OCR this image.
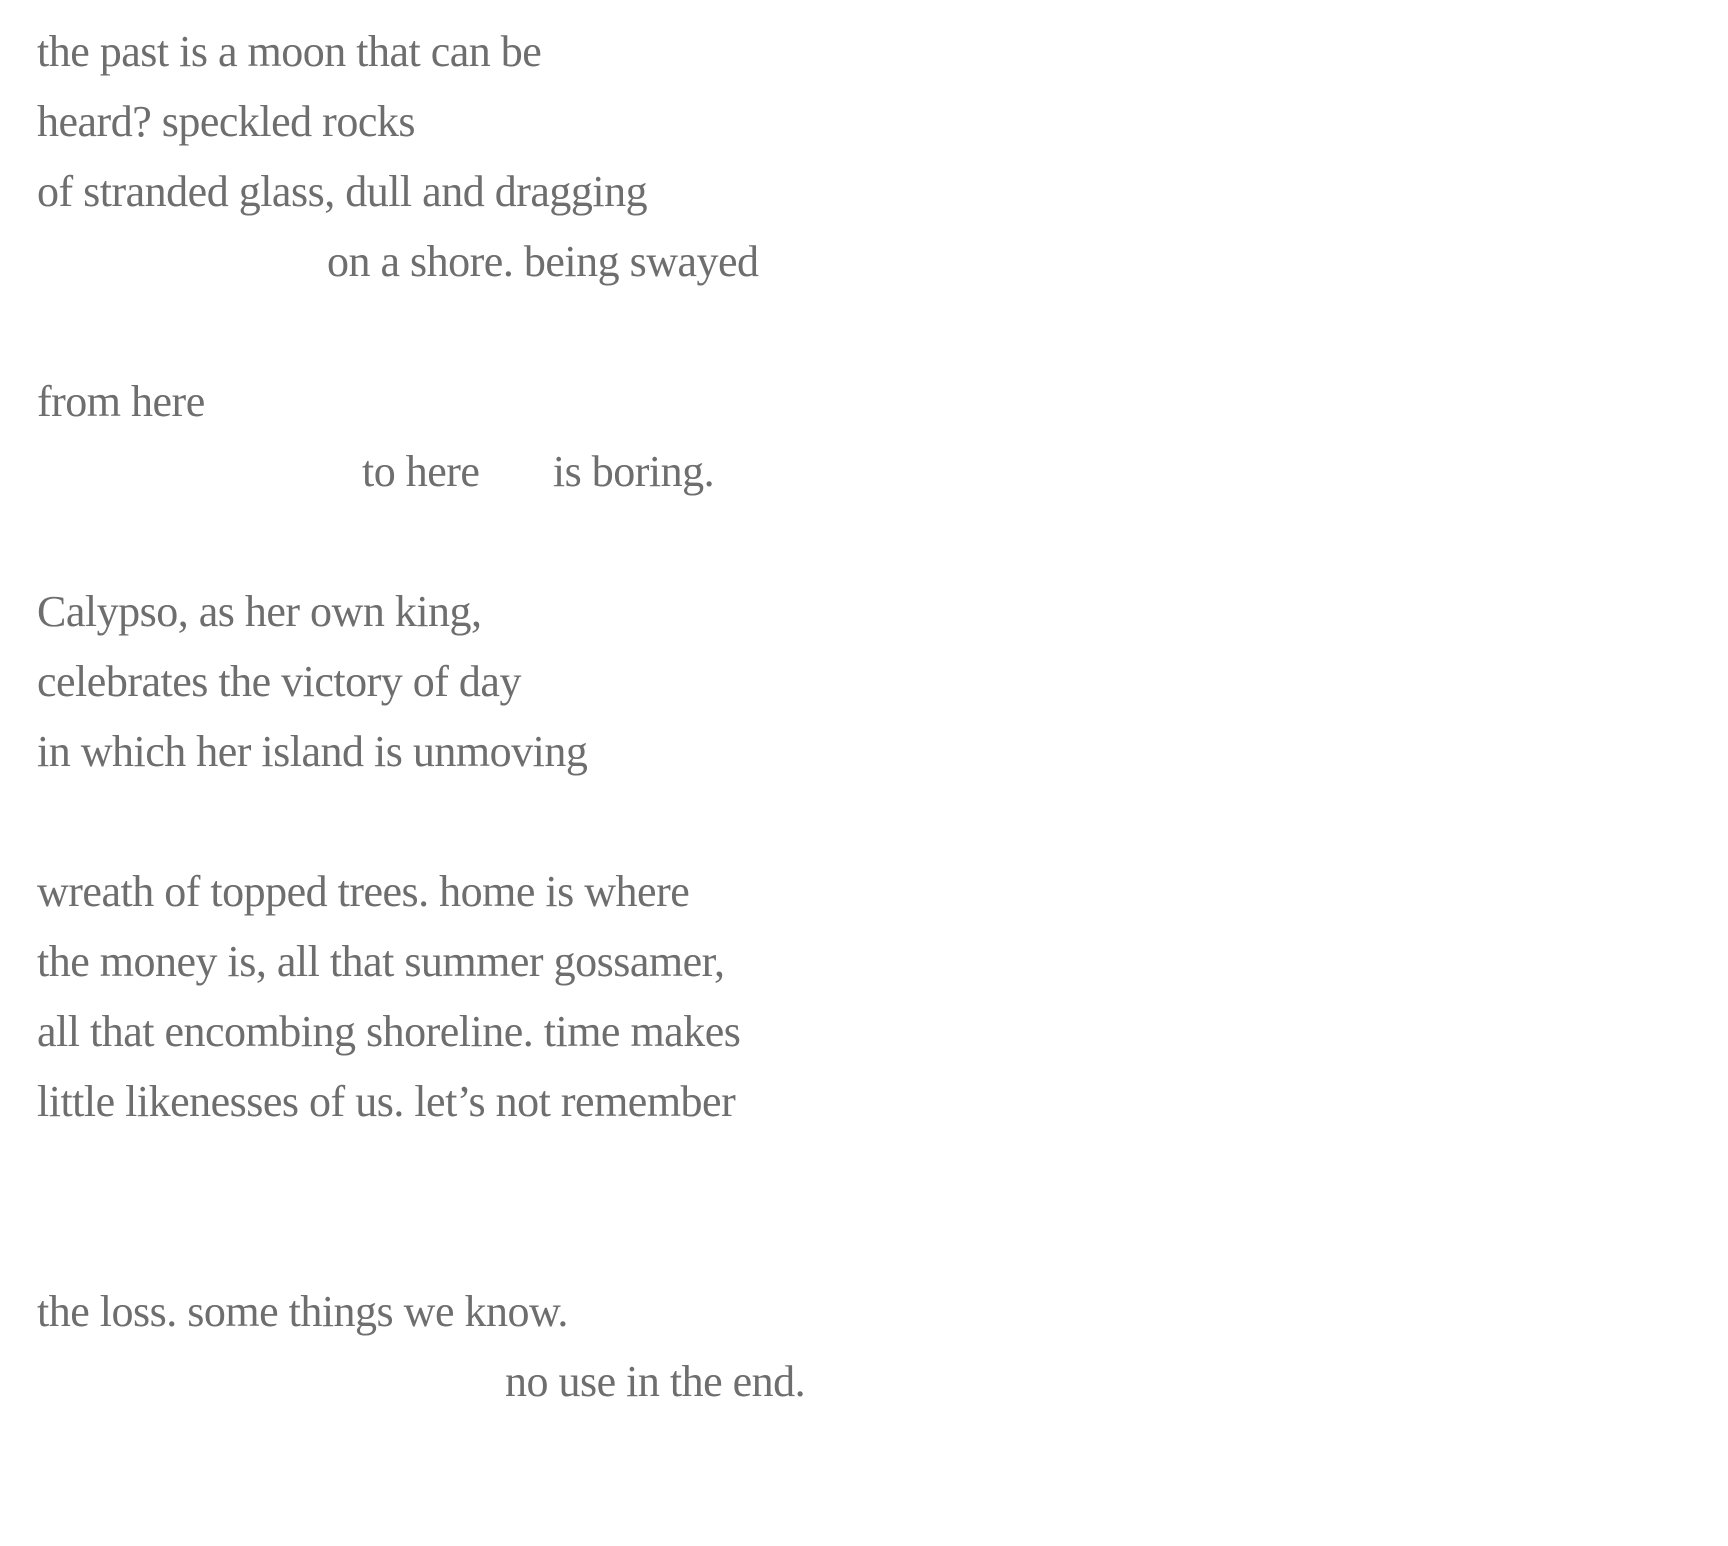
the past is a moon that can be
heard? speckled rocks
of stranded glass, dull and dragging
on a shore. being swayed
from here
to here       is boring.
Calypso, as her own king,
celebrates the victory of day
in which her island is unmoving
wreath of topped trees. home is where
the money is, all that summer gossamer,
all that encombing shoreline. time makes
little likenesses of us. let’s not remember
the loss. some things we know.
no use in the end.
